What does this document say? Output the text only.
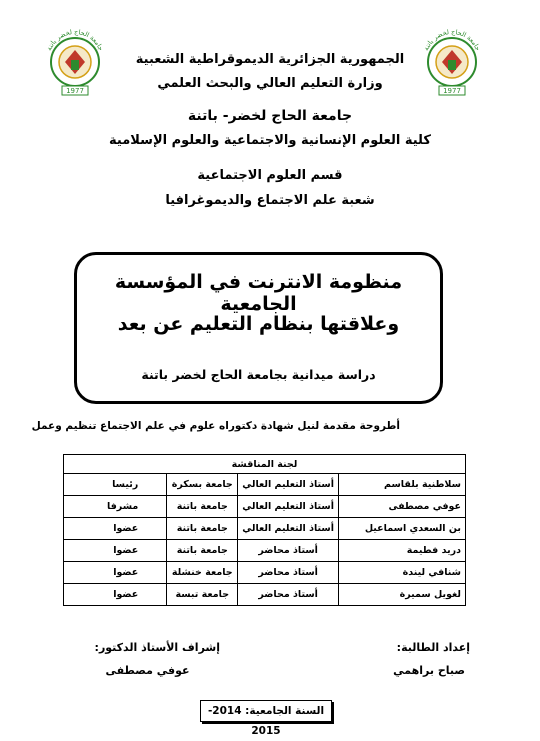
جامعة الحاج لخضر باتنة
1977
جامعة الحاج لخضر باتنة
1977
الجمهورية الجزائرية الديموقراطية الشعبية
وزارة التعليم العالي والبحث العلمي
جامعة الحاج لخضر- باتنة
كلية العلوم الإنسانية والاجتماعية والعلوم الإسلامية
قسم العلوم الاجتماعية
شعبة علم الاجتماع والديموغرافيا
منظومة الانترنت في المؤسسة الجامعية
وعلاقتها بنظام التعليم عن بعد
دراسة ميدانية بجامعة الحاج لخضر باتنة
أطروحة مقدمة لنيل شهادة دكتوراه علوم في علم الاجتماع تنظيم وعمل
لجنة المناقشة			
سلاطنية بلقاسم	أستاذ التعليم العالي	جامعة بسكرة	رئيسا
عوفي مصطفى	أستاذ التعليم العالي	جامعة باتنة	مشرفا
بن السعدي اسماعيل	أستاذ التعليم العالي	جامعة باتنة	عضوا
دريد فطيمة	أستاذ محاضر	جامعة باتنة	عضوا
شنافي ليندة	أستاذ محاضر	جامعة خنشلة	عضوا
لغويل سميرة	أستاذ محاضر	جامعة تبسة	عضوا
إعداد الطالبة:
إشراف الأستاذ الدكتور:
صباح براهمي
عوفي مصطفى
السنة الجامعية: 2014- 2015
